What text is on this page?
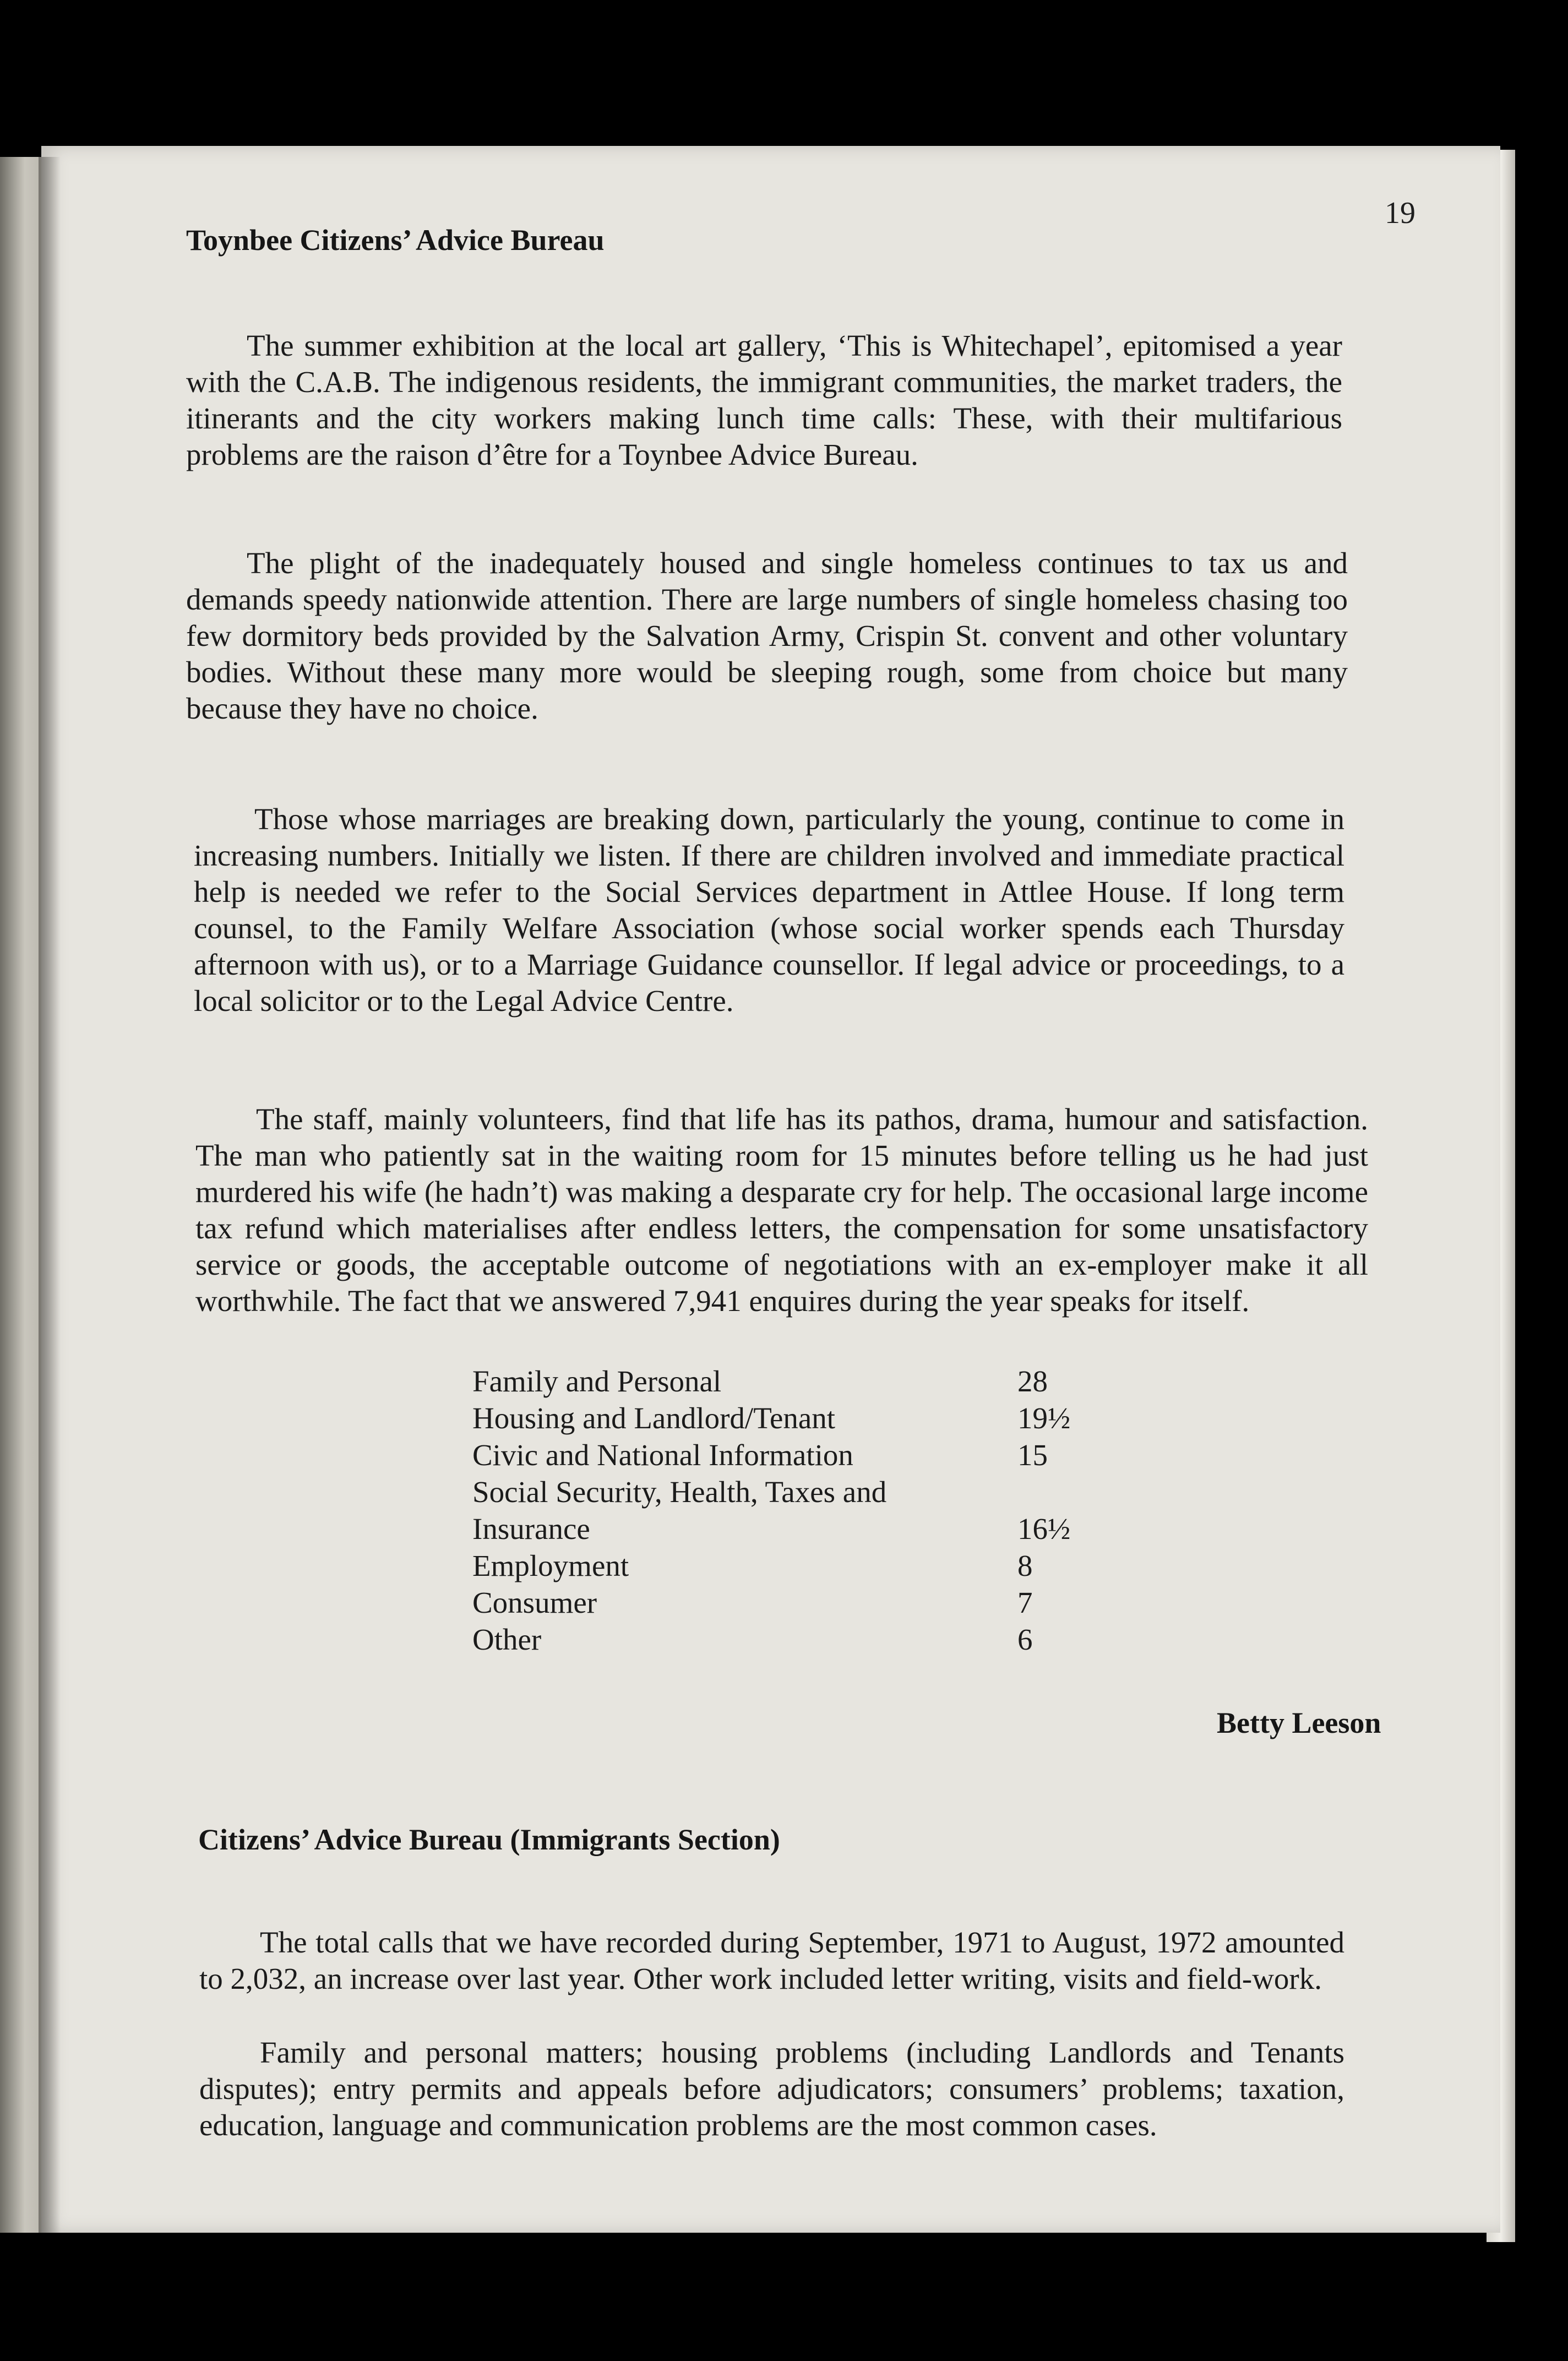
19
Toynbee Citizens’ Advice Bureau

The summer exhibition at the local art gallery, ‘This is Whitechapel’, epitomised a year with the C.A.B. The indigenous residents, the immigrant communities, the market traders, the itinerants and the city workers making lunch time calls: These, with their multifarious problems are the raison d’être for a Toynbee Advice Bureau.

The plight of the inadequately housed and single homeless continues to tax us and demands speedy nationwide attention. There are large numbers of single homeless chasing too few dormitory beds provided by the Salvation Army, Crispin St. convent and other voluntary bodies. Without these many more would be sleeping rough, some from choice but many because they have no choice.

Those whose marriages are breaking down, particularly the young, continue to come in increasing numbers. Initially we listen. If there are children involved and immediate practical help is needed we refer to the Social Services department in Attlee House. If long term counsel, to the Family Welfare Association (whose social worker spends each Thursday afternoon with us), or to a Marriage Guidance counsellor. If legal advice or proceedings, to a local solicitor or to the Legal Advice Centre.

The staff, mainly volunteers, find that life has its pathos, drama, humour and satisfaction. The man who patiently sat in the waiting room for 15 minutes before telling us he had just murdered his wife (he hadn’t) was making a desparate cry for help. The occasional large income tax refund which materialises after endless letters, the compensation for some unsatisfactory service or goods, the acceptable outcome of negotiations with an ex-employer make it all worthwhile. The fact that we answered 7,941 enquires during the year speaks for itself.

Family and Personal	28
Housing and Landlord/Tenant	19½
Civic and National Information	15
Social Security, Health, Taxes and Insurance	16½
Employment	8
Consumer	7
Other	6
Betty Leeson
Citizens’ Advice Bureau (Immigrants Section)

The total calls that we have recorded during September, 1971 to August, 1972 amounted to 2,032, an increase over last year. Other work included letter writing, visits and field-work.

Family and personal matters; housing problems (including Landlords and Tenants disputes); entry permits and appeals before adjudicators; consumers’ problems; taxation, education, language and communication problems are the most common cases.
